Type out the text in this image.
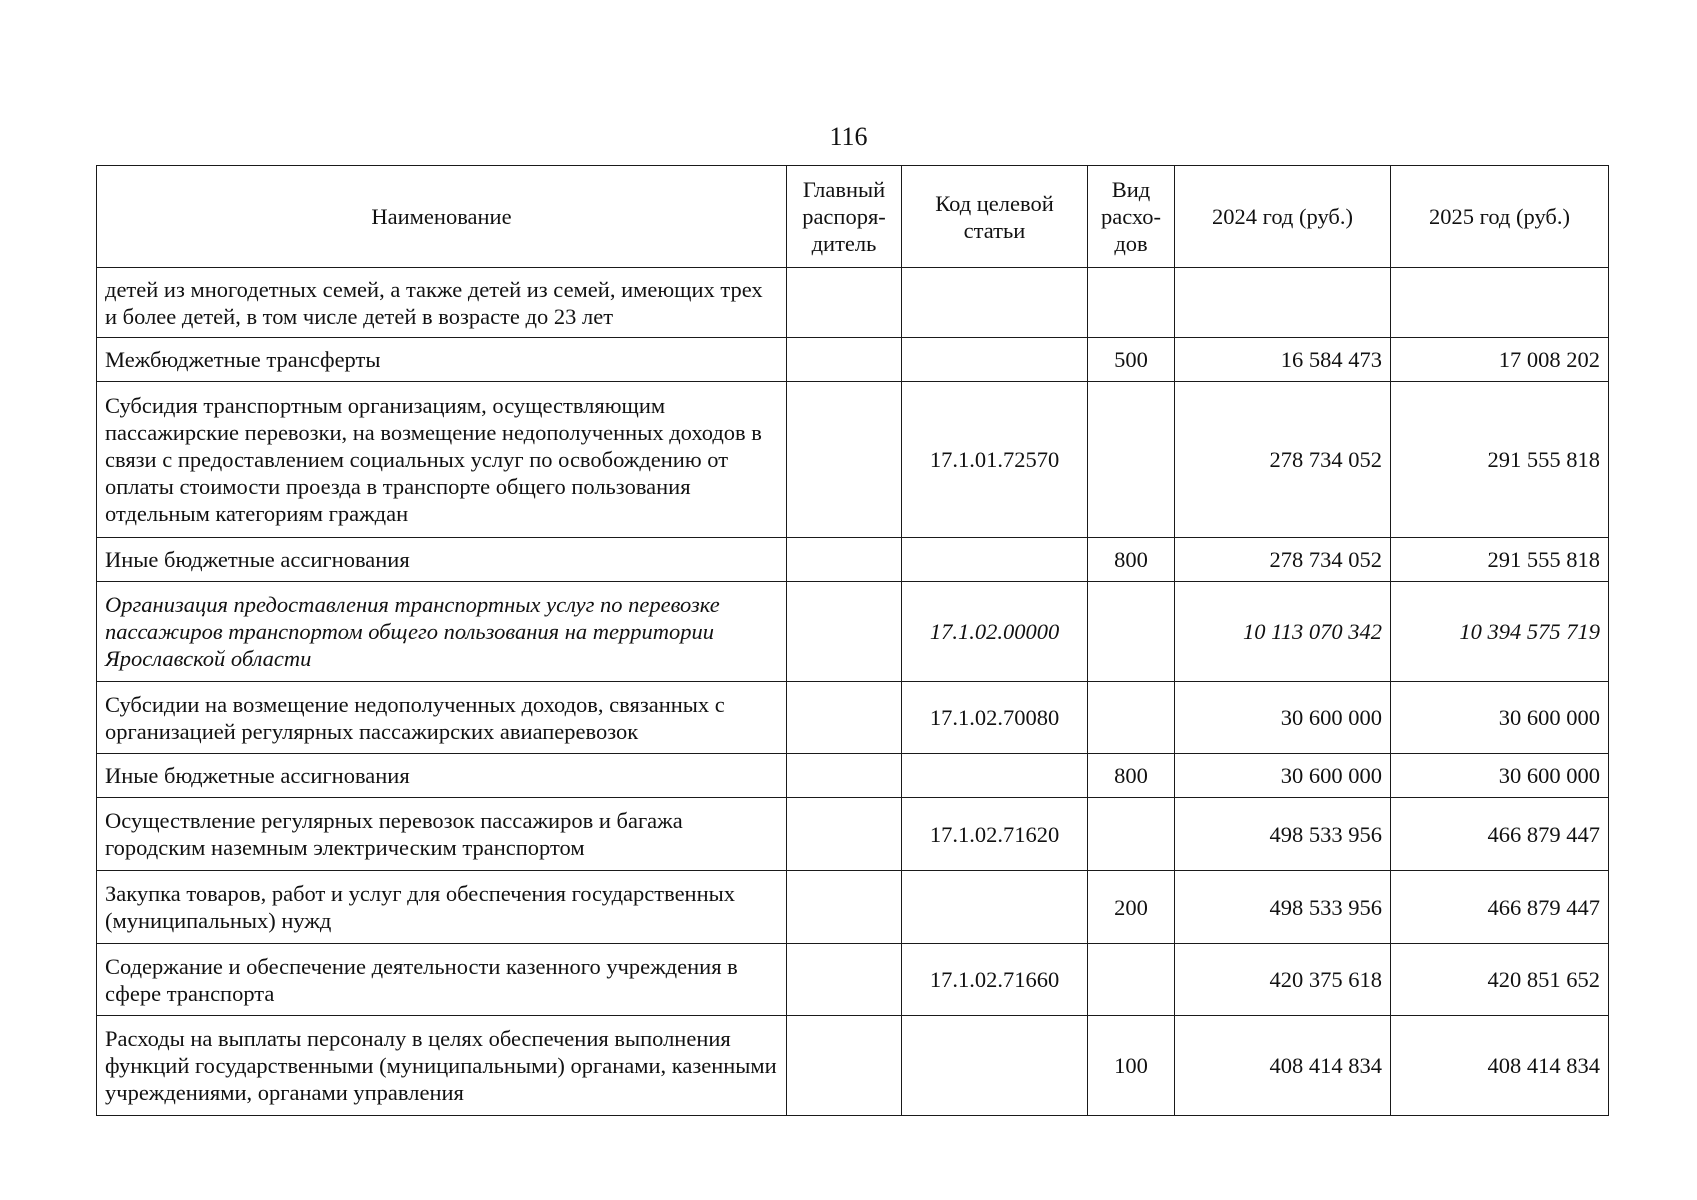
116
Наименование	Главный распоря-дитель	Код целевой статьи	Вид расхо-дов	2024 год (руб.)	2025 год (руб.)
детей из многодетных семей, а также детей из семей, имеющих трех и более детей, в том числе детей в возрасте до 23 лет					
Межбюджетные трансферты			500	16 584 473	17 008 202
Субсидия транспортным организациям, осуществляющим пассажирские перевозки, на возмещение недополученных доходов в связи с предоставлением социальных услуг по освобождению от оплаты стоимости проезда в транспорте общего пользования отдельным категориям граждан		17.1.01.72570		278 734 052	291 555 818
Иные бюджетные ассигнования			800	278 734 052	291 555 818
Организация предоставления транспортных услуг по перевозке пассажиров транспортом общего пользования на территории Ярославской области		17.1.02.00000		10 113 070 342	10 394 575 719
Субсидии на возмещение недополученных доходов, связанных с организацией регулярных пассажирских авиаперевозок		17.1.02.70080		30 600 000	30 600 000
Иные бюджетные ассигнования			800	30 600 000	30 600 000
Осуществление регулярных перевозок пассажиров и багажа городским наземным электрическим транспортом		17.1.02.71620		498 533 956	466 879 447
Закупка товаров, работ и услуг для обеспечения государственных (муниципальных) нужд			200	498 533 956	466 879 447
Содержание и обеспечение деятельности казенного учреждения в сфере транспорта		17.1.02.71660		420 375 618	420 851 652
Расходы на выплаты персоналу в целях обеспечения выполнения функций государственными (муниципальными) органами, казенными учреждениями, органами управления			100	408 414 834	408 414 834
